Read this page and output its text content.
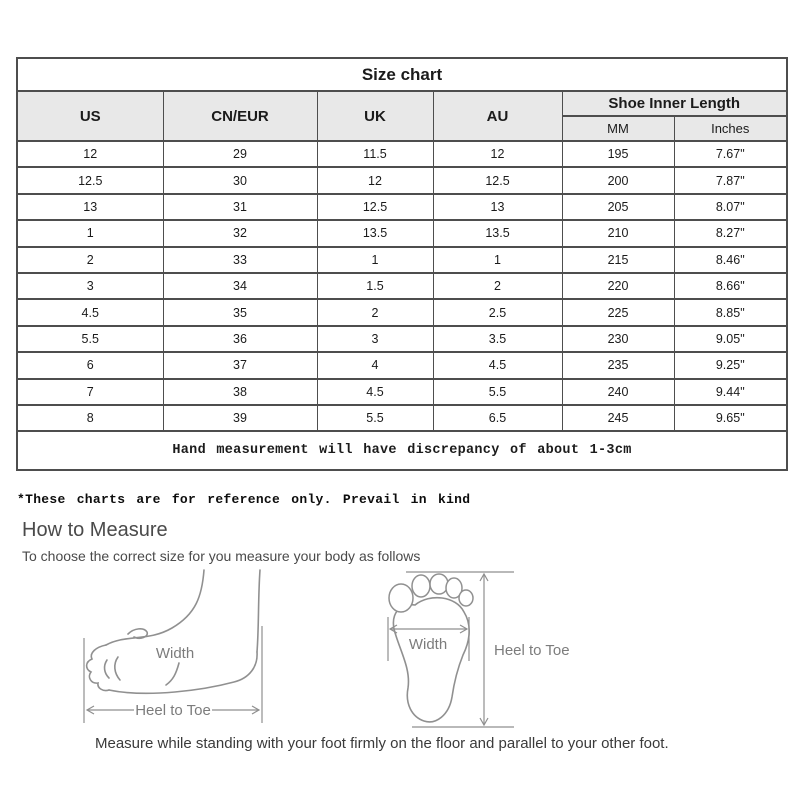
Size chart					
US	CN/EUR	UK	AU	Shoe Inner Length	
				MM	Inches
12	29	11.5	12	195	7.67"
12.5	30	12	12.5	200	7.87"
13	31	12.5	13	205	8.07"
1	32	13.5	13.5	210	8.27"
2	33	1	1	215	8.46"
3	34	1.5	2	220	8.66"
4.5	35	2	2.5	225	8.85"
5.5	36	3	3.5	230	9.05"
6	37	4	4.5	235	9.25"
7	38	4.5	5.5	240	9.44"
8	39	5.5	6.5	245	9.65"
Hand measurement will have discrepancy of about 1-3cm					
*These charts are for reference only. Prevail in kind
How to Measure
To choose the correct size for you measure your body as follows
Width
Heel to Toe
Width	Heel to Toe
Measure while standing with your foot firmly on the floor and parallel to your other foot.
